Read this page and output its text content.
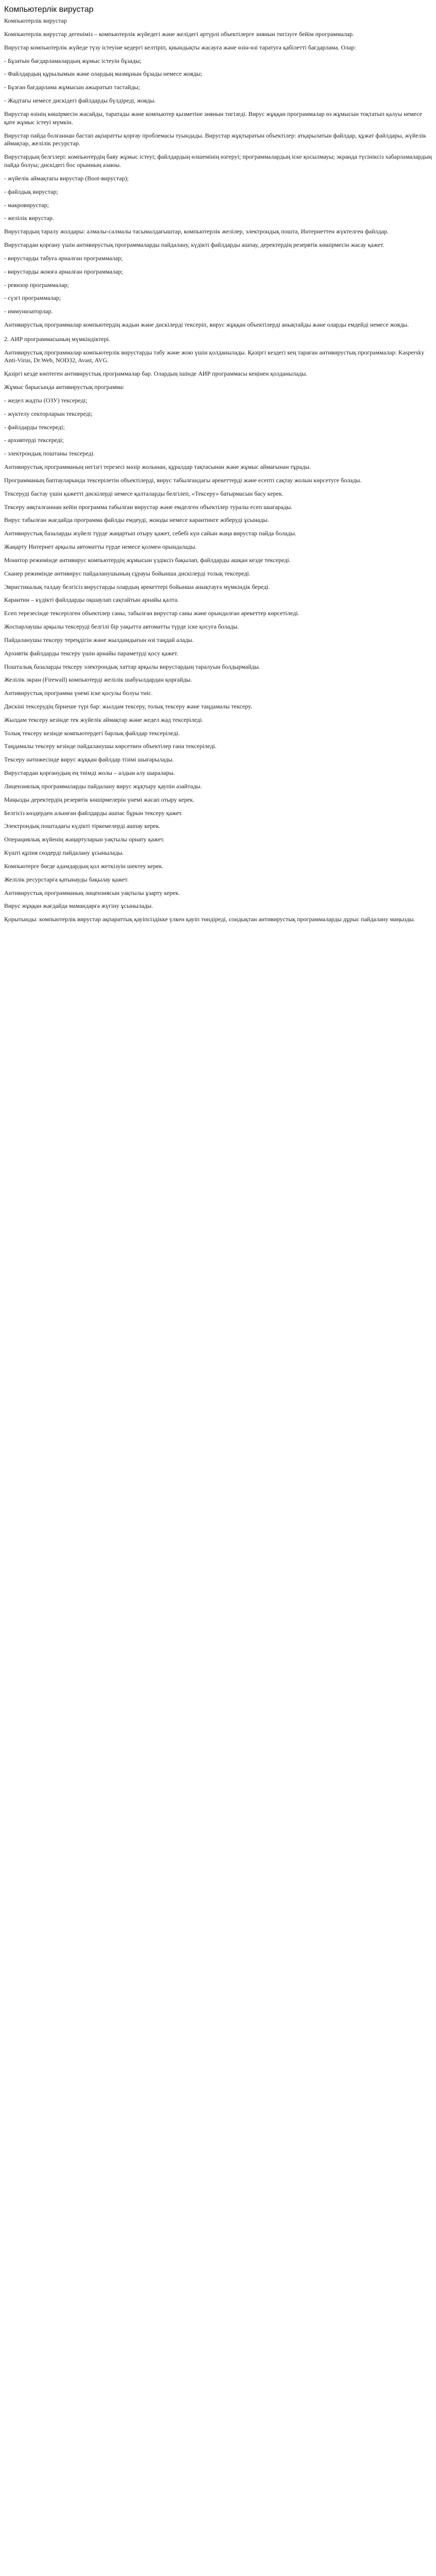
Компьютерлік вирустар

Компьютерлік вирустар

Компьютерлік вирустар дегеніміз – компьютерлік жүйедегі және желідегі әртүрлі объектілерге зиянын тигізуге бейім программалар.

Вирустар компьютерлік жүйеде түзу істеуіне кедергі келтіріп, қиындықты жасауға және өзін-өзі таратуға қабілетті бағдарлама. Олар:

- Бұзатын бағдарламалардың жұмыс істеуін бұзады;

- Файлдардың құрылымын және олардың мазмұнын бұзады немесе жояды;

- Бұзған бағдарлама жұмысын ажыратып тастайды;

- Жадтағы немесе дискідегі файлдарды бүлдіреді, жояды.

Вирустар өзінің көшірмесін жасайды, таратады және компьютер қызметіне зиянын тигізеді. Вирус жұққан программалар өз жұмысын тоқтатып қалуы немесе қате жұмыс істеуі мүмкін.

Вирустар пайда болғаннан бастап ақпаратты қорғау проблемасы туындады. Вирустар жұқтыратын объектілер: атқарылатын файлдар, құжат файлдары, жүйелік аймақтар, желілік ресурстар.

Вирустардың белгілері: компьютердің баяу жұмыс істеуі; файлдардың өлшемінің өзгеруі; программалардың іске қосылмауы; экранда түсініксіз хабарламалардың пайда болуы; дискідегі бос орынның азаюы.

- жүйелік аймақтағы вирустар (Boot-вирустар);

- файлдық вирустар;

- макровирустар;

- желілік вирустар.

Вирустардың таралу жолдары: алмалы-салмалы тасымалдағыштар, компьютерлік желілер, электрондық пошта, Интернеттен жүктелген файлдар.

Вирустардан қорғану үшін антивирустық программаларды пайдалану, күдікті файлдарды ашпау, деректердің резервтік көшірмесін жасау қажет.

- вирустарды табуға арналған программалар;

- вирустарды жоюға арналған программалар;

- ревизор программалар;

- сүзгі программалар;

- иммунизаторлар.

Антивирустық программалар компьютердің жадын және дискілерді тексеріп, вирус жұққан объектілерді анықтайды және оларды емдейді немесе жояды.

2. АИР программасының мүмкіндіктері.

Антивирустық программалар компьютерлік вирустарды табу және жою үшін қолданылады. Қазіргі кездегі кең тараған антивирустық программалар: Kaspersky Anti-Virus, Dr.Web, NOD32, Avast, AVG.

Қазіргі кезде көптеген антивирустық программалар бар. Олардың ішінде АИР программасы кеңінен қолданылады.

Жұмыс барысында антивирустық программа:

- жедел жадты (ОЗУ) тексереді;

- жүктелу секторларын тексереді;

- файлдарды тексереді;

- архивтерді тексереді;

- электрондық поштаны тексереді.

Антивирустық программаның негізгі терезесі мәзір жолынан, құралдар тақтасынан және жұмыс аймағынан тұрады.

Программаның баптауларында тексерілетін объектілерді, вирус табылғандағы әрекеттерді және есепті сақтау жолын көрсетуге болады.

Тексеруді бастау үшін қажетті дискілерді немесе қалталарды белгілеп, «Тексеру» батырмасын басу керек.

Тексеру аяқталғаннан кейін программа табылған вирустар және емделген объектілер туралы есеп шығарады.

Вирус табылған жағдайда программа файлды емдеуді, жоюды немесе карантинге жіберуді ұсынады.

Антивирустық базаларды жүйелі түрде жаңартып отыру қажет, себебі күн сайын жаңа вирустар пайда болады.

Жаңарту Интернет арқылы автоматты түрде немесе қолмен орындалады.

Монитор режимінде антивирус компьютердің жұмысын үздіксіз бақылап, файлдарды ашқан кезде тексереді.

Сканер режимінде антивирус пайдаланушының сұрауы бойынша дискілерді толық тексереді.

Эвристикалық талдау белгісіз вирустарды олардың әрекеттері бойынша анықтауға мүмкіндік береді.

Карантин – күдікті файлдарды оқшаулап сақтайтын арнайы қалта.

Есеп терезесінде тексерілген объектілер саны, табылған вирустар саны және орындалған әрекеттер көрсетіледі.

Жоспарлаушы арқылы тексеруді белгілі бір уақытта автоматты түрде іске қосуға болады.

Пайдаланушы тексеру тереңдігін және жылдамдығын өзі таңдай алады.

Архивтік файлдарды тексеру үшін арнайы параметрді қосу қажет.

Пошталық базаларды тексеру электрондық хаттар арқылы вирустардың таралуын болдырмайды.

Желілік экран (Firewall) компьютерді желілік шабуылдардан қорғайды.

Антивирустық программа үнемі іске қосулы болуы тиіс.

Дискіні тексерудің бірнеше түрі бар: жылдам тексеру, толық тексеру және таңдамалы тексеру.

Жылдам тексеру кезінде тек жүйелік аймақтар және жедел жад тексеріледі.

Толық тексеру кезінде компьютердегі барлық файлдар тексеріледі.

Таңдамалы тексеру кезінде пайдаланушы көрсеткен объектілер ғана тексеріледі.

Тексеру нәтижесінде вирус жұққан файлдар тізімі шығарылады.

Вирустардан қорғанудың ең тиімді жолы – алдын алу шаралары.

Лицензиялық программаларды пайдалану вирус жұқтыру қаупін азайтады.

Маңызды деректердің резервтік көшірмелерін үнемі жасап отыру керек.

Белгісіз көздерден алынған файлдарды ашпас бұрын тексеру қажет.

Электрондық поштадағы күдікті тіркемелерді ашпау керек.

Операциялық жүйенің жаңартуларын уақтылы орнату қажет.

Күшті құпия сөздерді пайдалану ұсынылады.

Компьютерге бөгде адамдардың қол жеткізуін шектеу керек.

Желілік ресурстарға қатынауды бақылау қажет.

Антивирустық программаның лицензиясын уақтылы ұзарту керек.

Вирус жұққан жағдайда мамандарға жүгіну ұсынылады.

Қорытынды: компьютерлік вирустар ақпараттық қауіпсіздікке үлкен қауіп төндіреді, сондықтан антивирустық программаларды дұрыс пайдалану маңызды.
